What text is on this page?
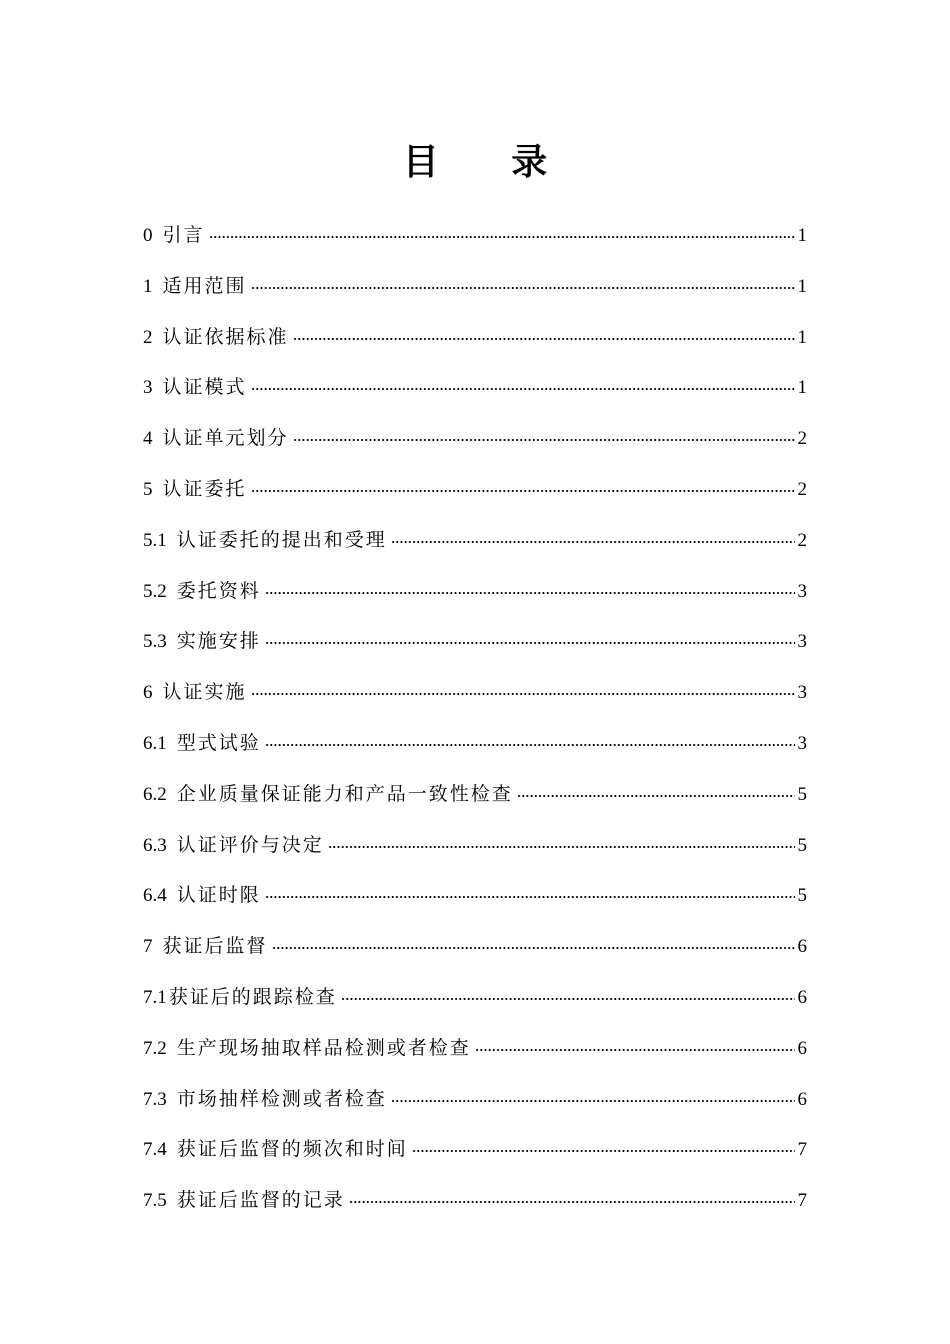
目 录
0 引言	1
1 适用范围	1
2 认证依据标准	1
3 认证模式	1
4 认证单元划分	2
5 认证委托	2
5.1 认证委托的提出和受理	2
5.2 委托资料	3
5.3 实施安排	3
6 认证实施	3
6.1 型式试验	3
6.2 企业质量保证能力和产品一致性检查	5
6.3 认证评价与决定	5
6.4 认证时限	5
7 获证后监督	6
7.1 获证后的跟踪检查	6
7.2 生产现场抽取样品检测或者检查	6
7.3 市场抽样检测或者检查	6
7.4 获证后监督的频次和时间	7
7.5 获证后监督的记录	7
